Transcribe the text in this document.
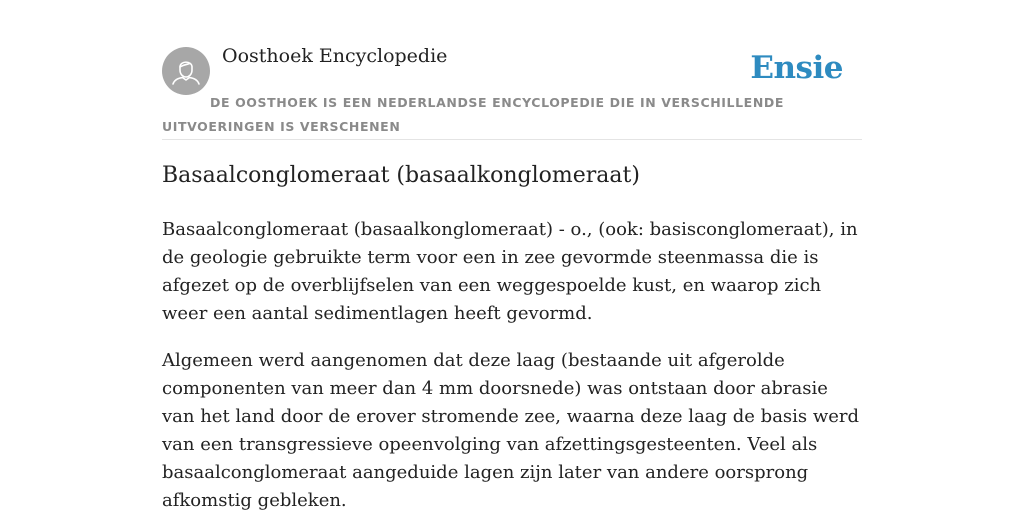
Oosthoek Encyclopedie	Ensie
DE OOSTHOEK IS EEN NEDERLANDSE ENCYCLOPEDIE DIE IN VERSCHILLENDE UITVOERINGEN IS VERSCHENEN
Basaalconglomeraat (basaalkonglomeraat)

Basaalconglomeraat (basaalkonglomeraat) - o., (ook: basisconglomeraat), in de geologie gebruikte term voor een in zee gevormde steenmassa die is afgezet op de overblijfselen van een weggespoelde kust, en waarop zich weer een aantal sedimentlagen heeft gevormd.

Algemeen werd aangenomen dat deze laag (bestaande uit afgerolde componenten van meer dan 4 mm doorsnede) was ontstaan door abrasie van het land door de erover stromende zee, waarna deze laag de basis werd van een transgressieve opeenvolging van afzettingsgesteenten. Veel als basaalconglomeraat aangeduide lagen zijn later van andere oorsprong afkomstig gebleken.
